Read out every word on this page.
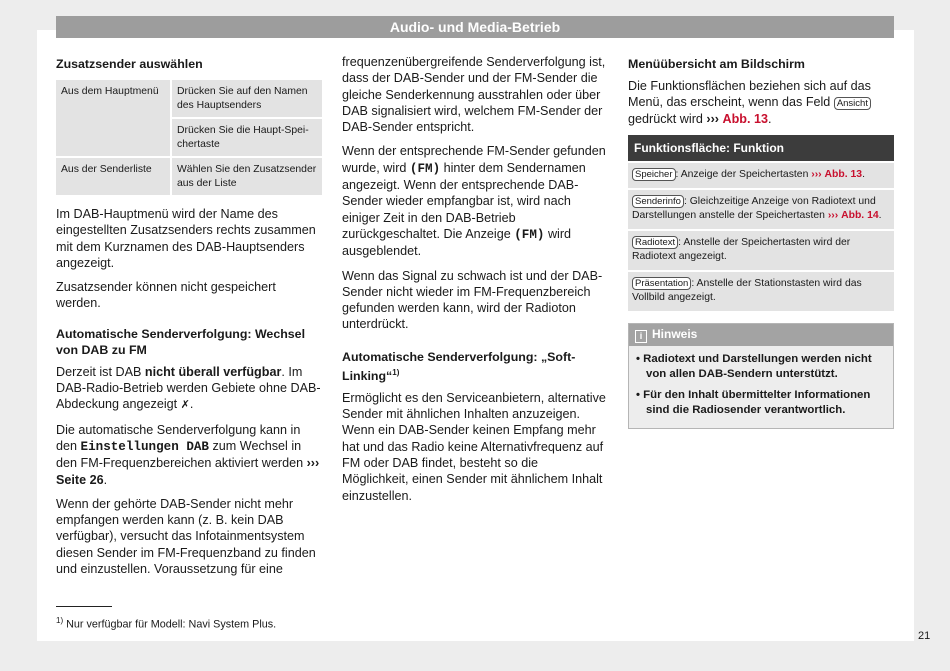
Audio- und Media-Betrieb
Zusatzsender auswählen
Aus dem Hauptmenü	Drücken Sie auf den Namen des Hauptsenders
	Drücken Sie die Haupt-Speichertaste
Aus der Senderliste	Wählen Sie den Zusatzsender aus der Liste

Im DAB-Hauptmenü wird der Name des eingestellten Zusatzsenders rechts zusammen mit dem Kurznamen des DAB-Hauptsenders angezeigt.

Zusatzsender können nicht gespeichert werden.

Automatische Senderverfolgung: Wechsel von DAB zu FM

Derzeit ist DAB nicht überall verfügbar. Im DAB-Radio-Betrieb werden Gebiete ohne DAB-Abdeckung angezeigt ✗.

Die automatische Senderverfolgung kann in den Einstellungen DAB zum Wechsel in den FM-Frequenzbereichen aktiviert werden ››› Seite 26.

Wenn der gehörte DAB-Sender nicht mehr empfangen werden kann (z. B. kein DAB verfügbar), versucht das Infotainmentsystem diesen Sender im FM-Frequenzband zu finden und einzustellen. Voraussetzung für eine

frequenzenübergreifende Senderverfolgung ist, dass der DAB-Sender und der FM-Sender die gleiche Senderkennung ausstrahlen oder über DAB signalisiert wird, welchem FM-Sender der DAB-Sender entspricht.

Wenn der entsprechende FM-Sender gefunden wurde, wird (FM) hinter dem Sendernamen angezeigt. Wenn der entsprechende DAB-Sender wieder empfangbar ist, wird nach einiger Zeit in den DAB-Betrieb zurückgeschaltet. Die Anzeige (FM) wird ausgeblendet.

Wenn das Signal zu schwach ist und der DAB-Sender nicht wieder im FM-Frequenzbereich gefunden werden kann, wird der Radioton unterdrückt.

Automatische Senderverfolgung: „Soft-Linking“$^{1)}$

Ermöglicht es den Serviceanbietern, alternative Sender mit ähnlichen Inhalten anzuzeigen. Wenn ein DAB-Sender keinen Empfang mehr hat und das Radio keine Alternativfrequenz auf FM oder DAB findet, besteht so die Möglichkeit, einen Sender mit ähnlichem Inhalt einzustellen.

Menüübersicht am Bildschirm

Die Funktionsflächen beziehen sich auf das Menü, das erscheint, wenn das Feld Ansicht gedrückt wird ››› Abb. 13.

Funktionsfläche: Funktion
Speicher : Anzeige der Speichertasten ››› Abb. 13.
Senderinfo : Gleichzeitige Anzeige von Radiotext und Darstellungen anstelle der Speichertasten ››› Abb. 14.
Radiotext : Anstelle der Speichertasten wird der Radiotext angezeigt.
Präsentation : Anstelle der Stationstasten wird das Vollbild angezeigt.
i Hinweis
• Radiotext und Darstellungen werden nicht von allen DAB-Sendern unterstützt.
• Für den Inhalt übermittelter Informationen sind die Radiosender verantwortlich.
$^{1)}$ Nur verfügbar für Modell: Navi System Plus.
21
